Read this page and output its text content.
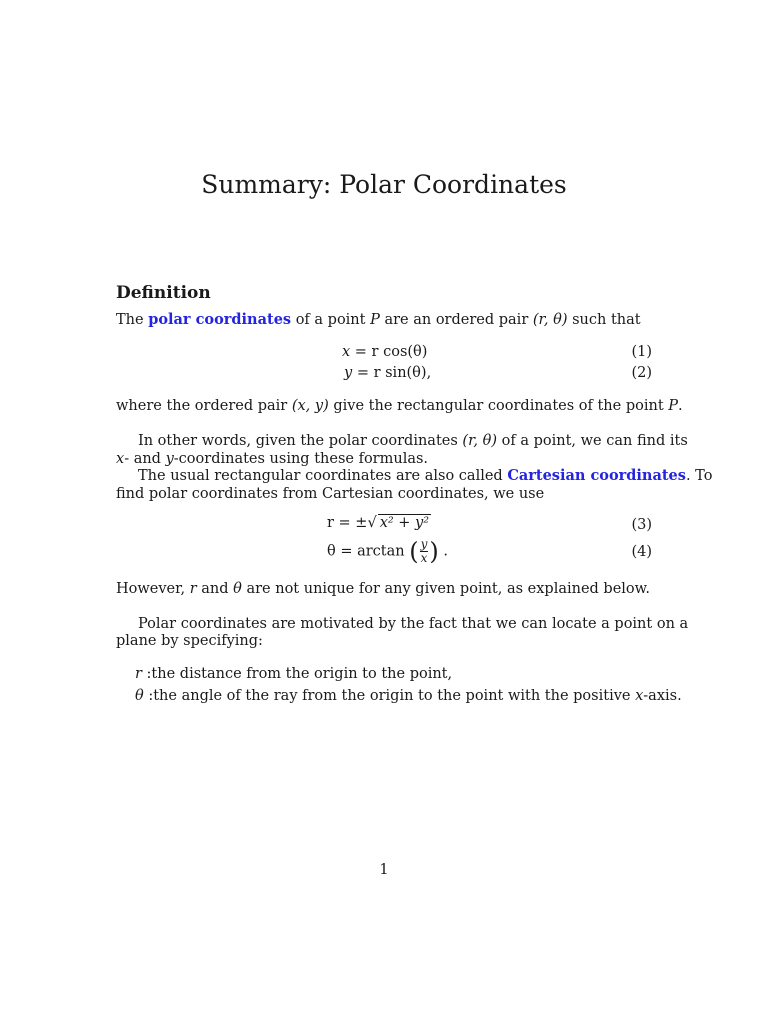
Summary: Polar Coordinates
Definition
The polar coordinates of a point P are an ordered pair (r, θ) such that
x = r cos(θ)	(1)
y = r sin(θ),	(2)
where the ordered pair (x, y) give the rectangular coordinates of the point P.
In other words, given the polar coordinates (r, θ) of a point, we can find its
x- and y-coordinates using these formulas.
The usual rectangular coordinates are also called Cartesian coordinates. To
find polar coordinates from Cartesian coordinates, we use
r = ±√ x² + y²	(3)
θ = arctan ( $\frac{y}{x}$ ) .	(4)
However, r and θ are not unique for any given point, as explained below.
Polar coordinates are motivated by the fact that we can locate a point on a
plane by specifying:
r :the distance from the origin to the point,
θ :the angle of the ray from the origin to the point with the positive x-axis.
1
